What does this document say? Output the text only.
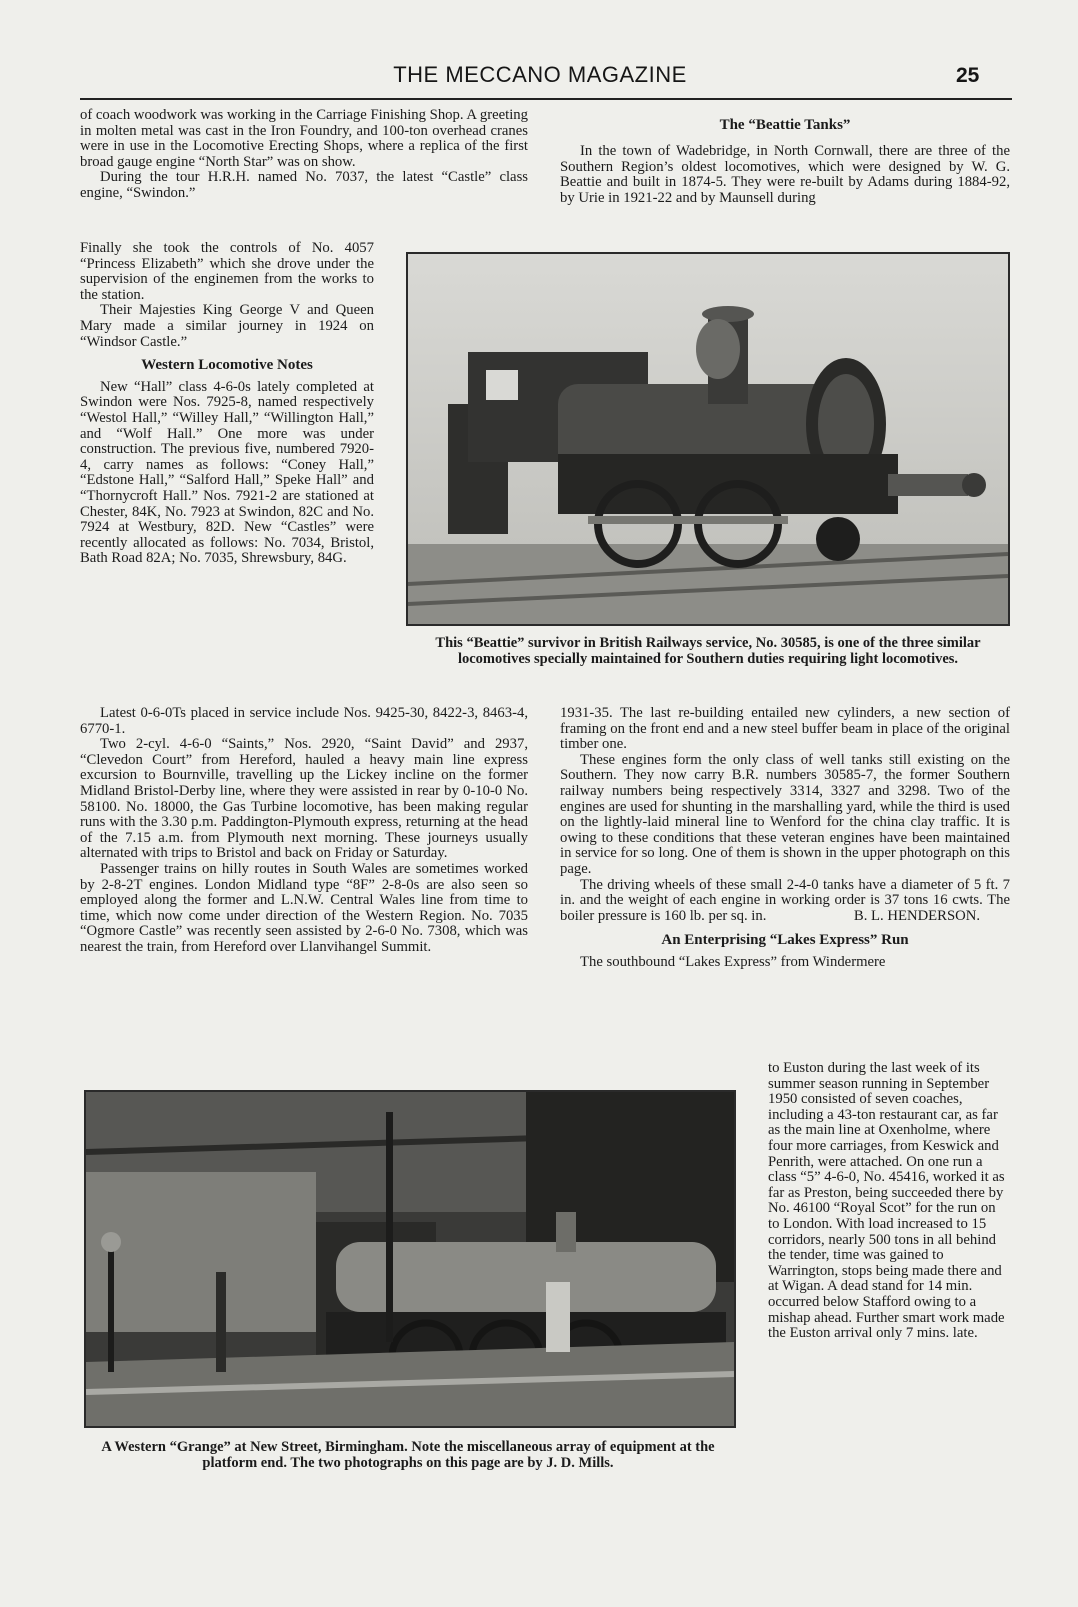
THE MECCANO MAGAZINE	25

of coach woodwork was working in the Carriage Finishing Shop. A greeting in molten metal was cast in the Iron Foundry, and 100-ton overhead cranes were in use in the Locomotive Erecting Shops, where a replica of the first broad gauge engine “North Star” was on show.

During the tour H.R.H. named No. 7037, the latest “Castle” class engine, “Swindon.”

Finally she took the controls of No. 4057 “Princess Elizabeth” which she drove under the supervision of the enginemen from the works to the station.

Their Majesties King George V and Queen Mary made a similar journey in 1924 on “Windsor Castle.”

Western Locomotive Notes

New “Hall” class 4-6-0s lately completed at Swindon were Nos. 7925-8, named respectively “Westol Hall,” “Willey Hall,” “Willington Hall,” and “Wolf Hall.” One more was under construction. The previous five, numbered 7920-4, carry names as follows: “Coney Hall,” “Edstone Hall,” “Salford Hall,” Speke Hall” and “Thornycroft Hall.” Nos. 7921-2 are stationed at Chester, 84K, No. 7923 at Swindon, 82C and No. 7924 at Westbury, 82D. New “Castles” were recently allocated as follows: No. 7034, Bristol, Bath Road 82A; No. 7035, Shrewsbury, 84G.

Latest 0-6-0Ts placed in service include Nos. 9425-30, 8422-3, 8463-4, 6770-1.

Two 2-cyl. 4-6-0 “Saints,” Nos. 2920, “Saint David” and 2937, “Clevedon Court” from Hereford, hauled a heavy main line express excursion to Bournville, travelling up the Lickey incline on the former Midland Bristol-Derby line, where they were assisted in rear by 0-10-0 No. 58100. No. 18000, the Gas Turbine locomotive, has been making regular runs with the 3.30 p.m. Paddington-Plymouth express, returning at the head of the 7.15 a.m. from Plymouth next morning. These journeys usually alternated with trips to Bristol and back on Friday or Saturday.

Passenger trains on hilly routes in South Wales are sometimes worked by 2-8-2T engines. London Midland type “8F” 2-8-0s are also seen so employed along the former and L.N.W. Central Wales line from time to time, which now come under direction of the Western Region. No. 7035 “Ogmore Castle” was recently seen assisted by 2-6-0 No. 7308, which was nearest the train, from Hereford over Llanvihangel Summit.

The “Beattie Tanks”

In the town of Wadebridge, in North Cornwall, there are three of the Southern Region’s oldest locomotives, which were designed by W. G. Beattie and built in 1874-5. They were re-built by Adams during 1884-92, by Urie in 1921-22 and by Maunsell during

This “Beattie” survivor in British Railways service, No. 30585, is one of the three similar locomotives specially maintained for Southern duties requiring light locomotives.

1931-35. The last re-building entailed new cylinders, a new section of framing on the front end and a new steel buffer beam in place of the original timber one.

These engines form the only class of well tanks still existing on the Southern. They now carry B.R. numbers 30585-7, the former Southern railway numbers being respectively 3314, 3327 and 3298. Two of the engines are used for shunting in the marshalling yard, while the third is used on the lightly-laid mineral line to Wenford for the china clay traffic. It is owing to these conditions that these veteran engines have been maintained in service for so long. One of them is shown in the upper photograph on this page.

The driving wheels of these small 2-4-0 tanks have a diameter of 5 ft. 7 in. and the weight of each engine in working order is 37 tons 16 cwts. The boiler pressure is 160 lb. per sq. in.	B. L. HENDERSON.
An Enterprising “Lakes Express” Run

The southbound “Lakes Express” from Windermere

to Euston during the last week of its summer season running in September 1950 consisted of seven coaches, including a 43-ton restaurant car, as far as the main line at Oxenholme, where four more carriages, from Keswick and Penrith, were attached. On one run a class “5” 4-6-0, No. 45416, worked it as far as Preston, being succeeded there by No. 46100 “Royal Scot” for the run on to London. With load increased to 15 corridors, nearly 500 tons in all behind the tender, time was gained to Warrington, stops being made there and at Wigan. A dead stand for 14 min. occurred below Stafford owing to a mishap ahead. Further smart work made the Euston arrival only 7 mins. late.

A Western “Grange” at New Street, Birmingham. Note the miscellaneous array of equipment at the platform end. The two photographs on this page are by J. D. Mills.
